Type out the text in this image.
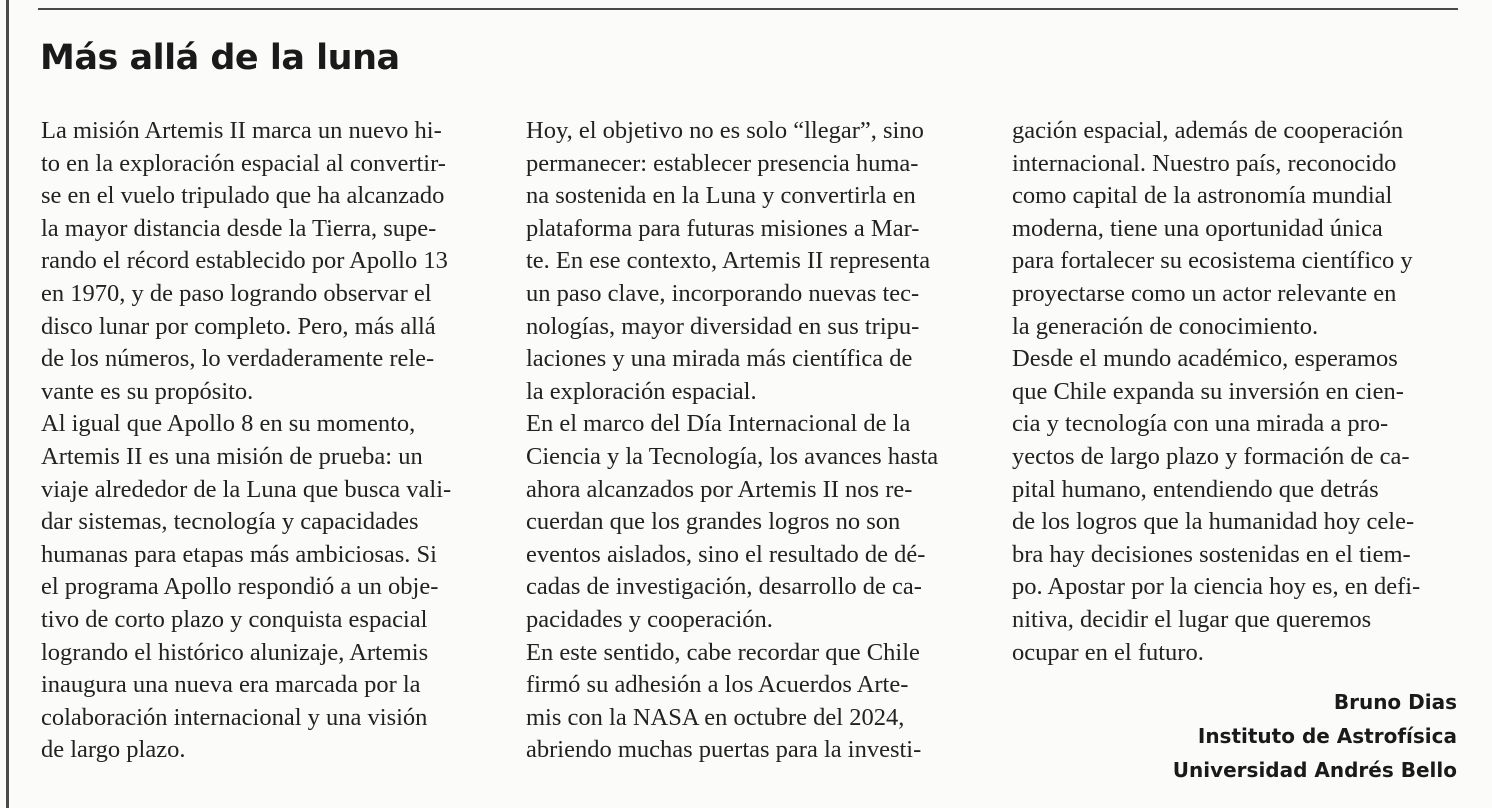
Más allá de la luna
La misión Artemis II marca un nuevo hi-
to en la exploración espacial al convertir-
se en el vuelo tripulado que ha alcanzado
la mayor distancia desde la Tierra, supe-
rando el récord establecido por Apollo 13
en 1970, y de paso logrando observar el
disco lunar por completo. Pero, más allá
de los números, lo verdaderamente rele-
vante es su propósito.
Al igual que Apollo 8 en su momento,
Artemis II es una misión de prueba: un
viaje alrededor de la Luna que busca vali-
dar sistemas, tecnología y capacidades
humanas para etapas más ambiciosas. Si
el programa Apollo respondió a un obje-
tivo de corto plazo y conquista espacial
logrando el histórico alunizaje, Artemis
inaugura una nueva era marcada por la
colaboración internacional y una visión
de largo plazo.
Hoy, el objetivo no es solo “llegar”, sino
permanecer: establecer presencia huma-
na sostenida en la Luna y convertirla en
plataforma para futuras misiones a Mar-
te. En ese contexto, Artemis II representa
un paso clave, incorporando nuevas tec-
nologías, mayor diversidad en sus tripu-
laciones y una mirada más científica de
la exploración espacial.
En el marco del Día Internacional de la
Ciencia y la Tecnología, los avances hasta
ahora alcanzados por Artemis II nos re-
cuerdan que los grandes logros no son
eventos aislados, sino el resultado de dé-
cadas de investigación, desarrollo de ca-
pacidades y cooperación.
En este sentido, cabe recordar que Chile
firmó su adhesión a los Acuerdos Arte-
mis con la NASA en octubre del 2024,
abriendo muchas puertas para la investi-
gación espacial, además de cooperación
internacional. Nuestro país, reconocido
como capital de la astronomía mundial
moderna, tiene una oportunidad única
para fortalecer su ecosistema científico y
proyectarse como un actor relevante en
la generación de conocimiento.
Desde el mundo académico, esperamos
que Chile expanda su inversión en cien-
cia y tecnología con una mirada a pro-
yectos de largo plazo y formación de ca-
pital humano, entendiendo que detrás
de los logros que la humanidad hoy cele-
bra hay decisiones sostenidas en el tiem-
po. Apostar por la ciencia hoy es, en defi-
nitiva, decidir el lugar que queremos
ocupar en el futuro.
Bruno Dias
Instituto de Astrofísica
Universidad Andrés Bello
